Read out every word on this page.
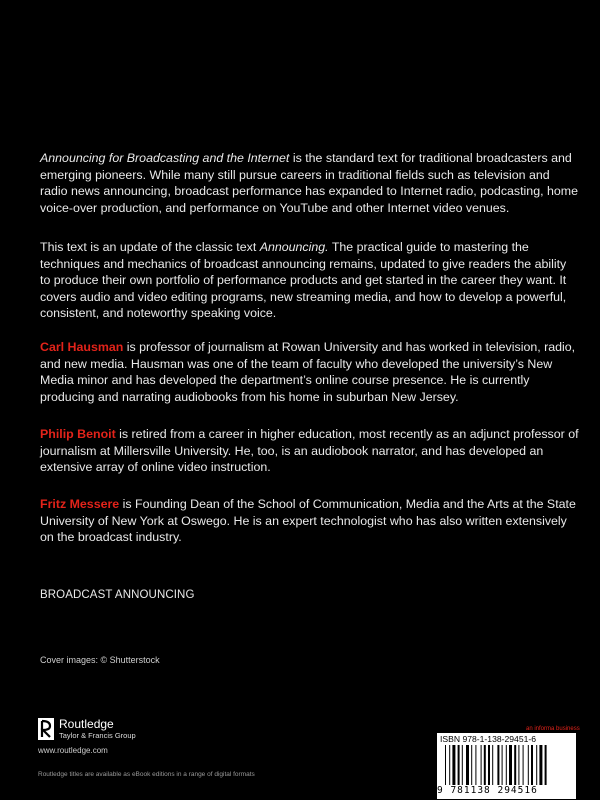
Announcing for Broadcasting and the Internet is the standard text for traditional broadcasters and emerging pioneers. While many still pursue careers in traditional fields such as television and radio news announcing, broadcast performance has expanded to Internet radio, podcasting, home voice-over production, and performance on YouTube and other Internet video venues.

This text is an update of the classic text Announcing. The practical guide to mastering the techniques and mechanics of broadcast announcing remains, updated to give readers the ability to produce their own portfolio of performance products and get started in the career they want. It covers audio and video editing programs, new streaming media, and how to develop a powerful, consistent, and noteworthy speaking voice.

Carl Hausman is professor of journalism at Rowan University and has worked in television, radio, and new media. Hausman was one of the team of faculty who developed the university’s New Media minor and has developed the department’s online course presence. He is currently producing and narrating audiobooks from his home in suburban New Jersey.

Philip Benoit is retired from a career in higher education, most recently as an adjunct professor of journalism at Millersville University. He, too, is an audiobook narrator, and has developed an extensive array of online video instruction.

Fritz Messere is Founding Dean of the School of Communication, Media and the Arts at the State University of New York at Oswego. He is an expert technologist who has also written extensively on the broadcast industry.

BROADCAST ANNOUNCING
Cover images: © Shutterstock
Routledge
Taylor & Francis Group
www.routledge.com
Routledge titles are available as eBook editions in a range of digital formats
an informa business
ISBN 978-1-138-29451-6
9 781138 294516
